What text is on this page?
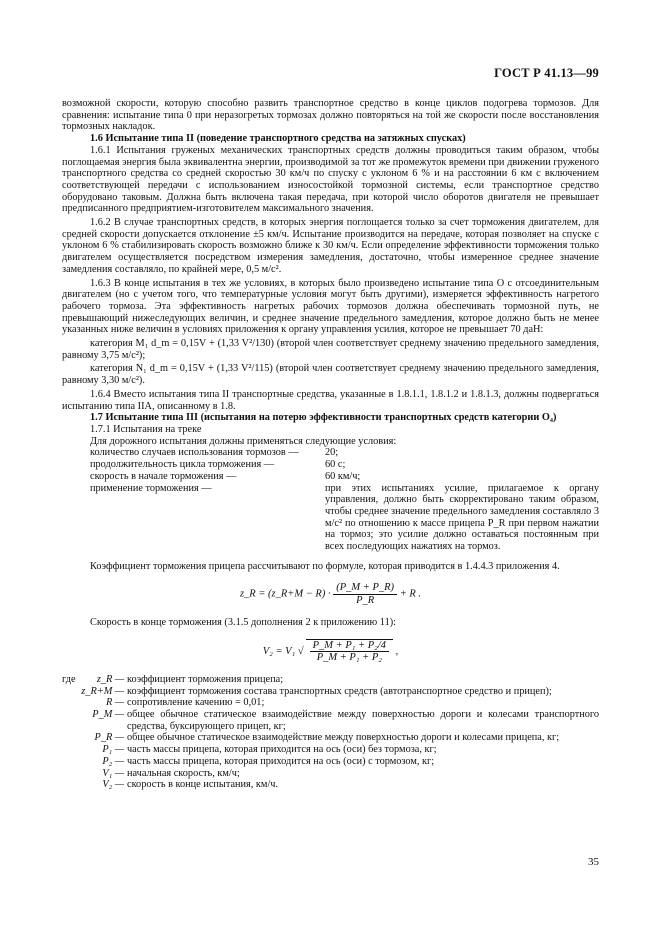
ГОСТ Р 41.13—99

возможной скорости, которую способно развить транспортное средство в конце циклов подогрева тормозов. Для сравнения: испытание типа 0 при неразогретых тормозах должно повторяться на той же скорости после восстановления тормозных накладок.

1.6 Испытание типа II (поведение транспортного средства на затяжных спусках)

1.6.1 Испытания груженых механических транспортных средств должны проводиться таким образом, чтобы поглощаемая энергия была эквивалентна энергии, производимой за тот же промежуток времени при движении груженого транспортного средства со средней скоростью 30 км/ч по спуску с уклоном 6 % и на расстоянии 6 км с включением соответствующей передачи с использованием износостойкой тормозной системы, если транспортное средство оборудовано таковым. Должна быть включена такая передача, при которой число оборотов двигателя не превышает предписанного предприятием-изготовителем максимального значения.

1.6.2 В случае транспортных средств, в которых энергия поглощается только за счет торможения двигателем, для средней скорости допускается отклонение ±5 км/ч. Испытание производится на передаче, которая позволяет на спуске с уклоном 6 % стабилизировать скорость возможно ближе к 30 км/ч. Если определение эффективности торможения только двигателем осуществляется посредством измерения замедления, достаточно, чтобы измеренное среднее значение замедления составляло, по крайней мере, 0,5 м/с².

1.6.3 В конце испытания в тех же условиях, в которых было произведено испытание типа О с отсоединительным двигателем (но с учетом того, что температурные условия могут быть другими), измеряется эффективность нагретого рабочего тормоза. Эта эффективность нагретых рабочих тормозов должна обеспечивать тормозной путь, не превышающий нижеследующих величин, и среднее значение предельного замедления, которое должно быть не менее указанных ниже величин в условиях приложения к органу управления усилия, которое не превышает 70 даН:

категория M₁ d_m = 0,15V + (1,33 V²/130) (второй член соответствует среднему значению предельного замедления, равному 3,75 м/с²);

категория N₁ d_m = 0,15V + (1,33 V²/115) (второй член соответствует среднему значению предельного замедления, равному 3,30 м/с²).

1.6.4 Вместо испытания типа II транспортные средства, указанные в 1.8.1.1, 1.8.1.2 и 1.8.1.3, должны подвергаться испытанию типа IIA, описанному в 1.8.

1.7 Испытание типа III (испытания на потерю эффективности транспортных средств категории O₄)

1.7.1 Испытания на треке

Для дорожного испытания должны применяться следующие условия:

количество случаев использования тормозов —	20;
продолжительность цикла торможения —	60 с;
скорость в начале торможения —	60 км/ч;
применение торможения —	при этих испытаниях усилие, прилагаемое к органу управления, должно быть скорректировано таким образом, чтобы среднее значение предельного замедления составляло 3 м/с² по отношению к массе прицепа P_R при первом нажатии на тормоз; это усилие должно оставаться постоянным при всех последующих нажатиях на тормоз.

Коэффициент торможения прицепа рассчитывают по формуле, которая приводится в 1.4.4.3 приложения 4.

z_R = (z_R+M − $R) \cdot \frac{(P\_M + P\_R)}{P\_R} + R$ .

Скорость в конце торможения (3.1.5 дополнения 2 к приложению 11):

V₂ = V₁ √ $\frac{\text{P\_M + P₁ + P₂/4}}{\text{P\_M + P₁ + P₂}}$ ,
где	z_R — коэффициент торможения прицепа;
z_R+M — коэффициент торможения состава транспортных средств (автотранспортное средство и прицеп);
R — сопротивление качению = 0,01;
P_M — общее обычное статическое взаимодействие между поверхностью дороги и колесами транспортного средства, буксирующего прицеп, кг;
P_R — общее обычное статическое взаимодействие между поверхностью дороги и колесами прицепа, кг;
P₁ — часть массы прицепа, которая приходится на ось (оси) без тормоза, кг;
P₂ — часть массы прицепа, которая приходится на ось (оси) с тормозом, кг;
V₁ — начальная скорость, км/ч;
V₂ — скорость в конце испытания, км/ч.
35
